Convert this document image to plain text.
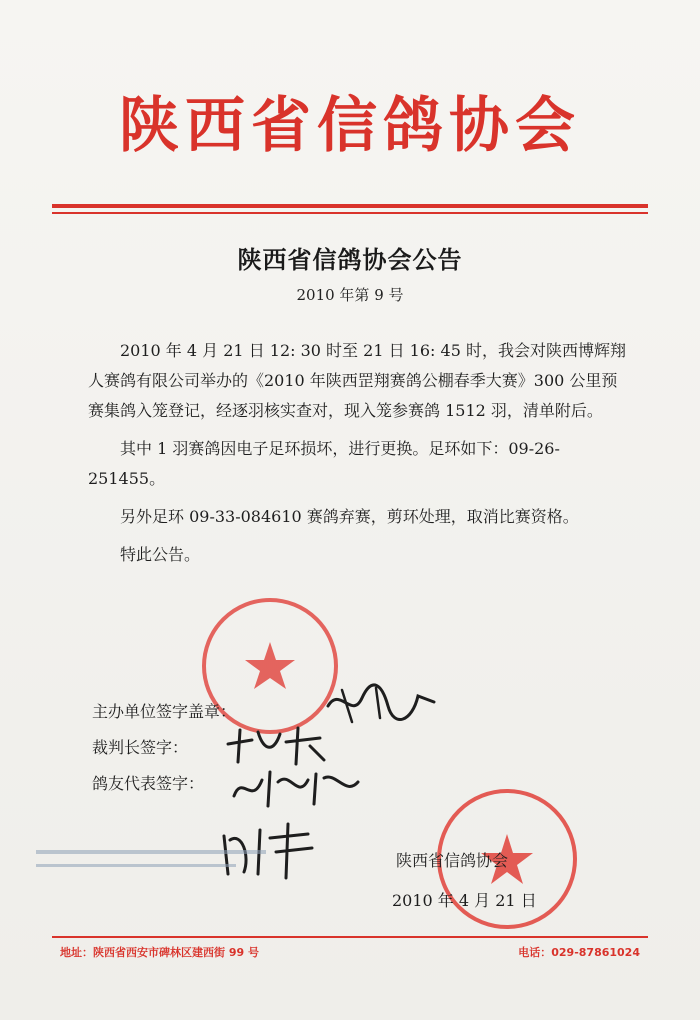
陕西省信鸽协会
陕西省信鸽协会公告
2010 年第 9 号

2010 年 4 月 21 日 12: 30 时至 21 日 16: 45 时，我会对陕西博辉翔人赛鸽有限公司举办的《2010 年陕西罡翔赛鸽公棚春季大赛》300 公里预赛集鸽入笼登记，经逐羽核实查对，现入笼参赛鸽 1512 羽，清单附后。

其中 1 羽赛鸽因电子足环损坏，进行更换。足环如下：09-26-251455。

另外足环 09-33-084610 赛鸽弃赛，剪环处理，取消比赛资格。

特此公告。

主办单位签字盖章：
裁判长签字：
鸽友代表签字：
陕西省信鸽协会
2010 年 4 月 21 日
地址：陕西省西安市碑林区建西街 99 号	电话：029-87861024
